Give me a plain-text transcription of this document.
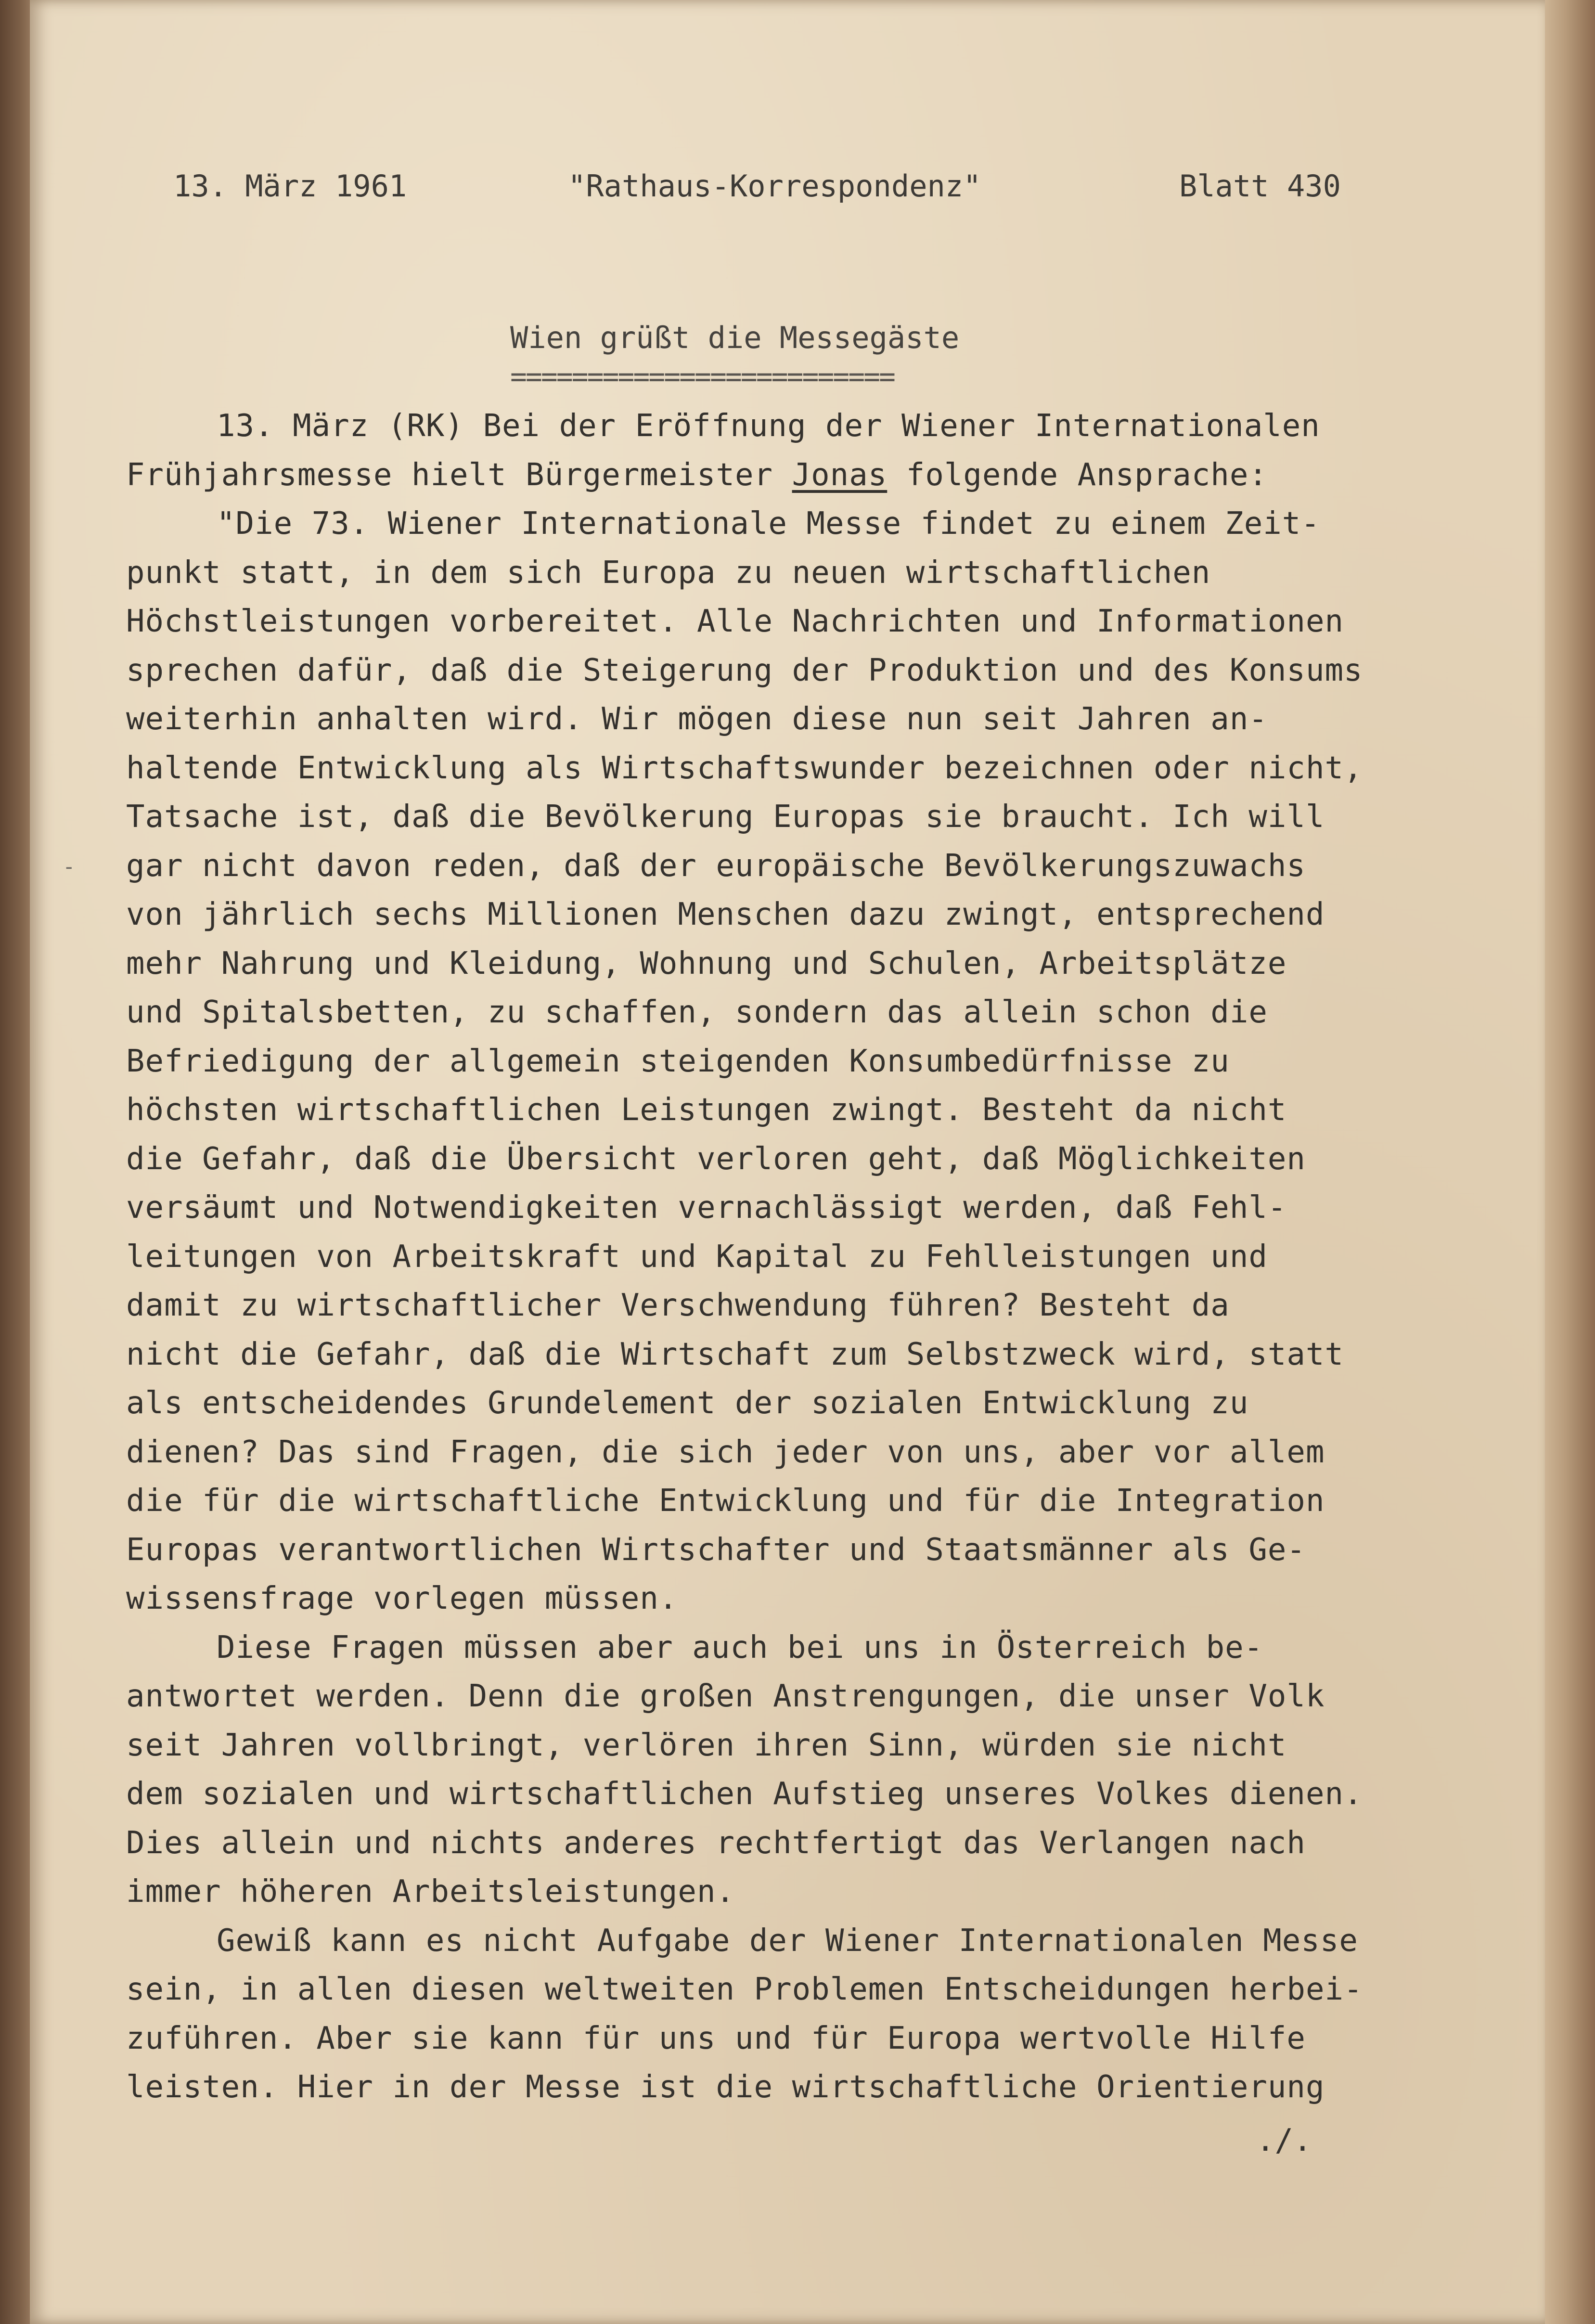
13. März 1961	"Rathaus-Korrespondenz"	Blatt 430
Wien grüßt die Messegäste
=========================
-
13. März (RK) Bei der Eröffnung der Wiener Internationalen
Frühjahrsmesse hielt Bürgermeister Jonas folgende Ansprache:
"Die 73. Wiener Internationale Messe findet zu einem Zeit-
punkt statt, in dem sich Europa zu neuen wirtschaftlichen
Höchstleistungen vorbereitet. Alle Nachrichten und Informationen
sprechen dafür, daß die Steigerung der Produktion und des Konsums
weiterhin anhalten wird. Wir mögen diese nun seit Jahren an-
haltende Entwicklung als Wirtschaftswunder bezeichnen oder nicht,
Tatsache ist, daß die Bevölkerung Europas sie braucht. Ich will
gar nicht davon reden, daß der europäische Bevölkerungszuwachs
von jährlich sechs Millionen Menschen dazu zwingt, entsprechend
mehr Nahrung und Kleidung, Wohnung und Schulen, Arbeitsplätze
und Spitalsbetten, zu schaffen, sondern das allein schon die
Befriedigung der allgemein steigenden Konsumbedürfnisse zu
höchsten wirtschaftlichen Leistungen zwingt. Besteht da nicht
die Gefahr, daß die Übersicht verloren geht, daß Möglichkeiten
versäumt und Notwendigkeiten vernachlässigt werden, daß Fehl-
leitungen von Arbeitskraft und Kapital zu Fehlleistungen und
damit zu wirtschaftlicher Verschwendung führen? Besteht da
nicht die Gefahr, daß die Wirtschaft zum Selbstzweck wird, statt
als entscheidendes Grundelement der sozialen Entwicklung zu
dienen? Das sind Fragen, die sich jeder von uns, aber vor allem
die für die wirtschaftliche Entwicklung und für die Integration
Europas verantwortlichen Wirtschafter und Staatsmänner als Ge-
wissensfrage vorlegen müssen.
Diese Fragen müssen aber auch bei uns in Österreich be-
antwortet werden. Denn die großen Anstrengungen, die unser Volk
seit Jahren vollbringt, verlören ihren Sinn, würden sie nicht
dem sozialen und wirtschaftlichen Aufstieg unseres Volkes dienen.
Dies allein und nichts anderes rechtfertigt das Verlangen nach
immer höheren Arbeitsleistungen.
Gewiß kann es nicht Aufgabe der Wiener Internationalen Messe
sein, in allen diesen weltweiten Problemen Entscheidungen herbei-
zuführen. Aber sie kann für uns und für Europa wertvolle Hilfe
leisten. Hier in der Messe ist die wirtschaftliche Orientierung
./.
